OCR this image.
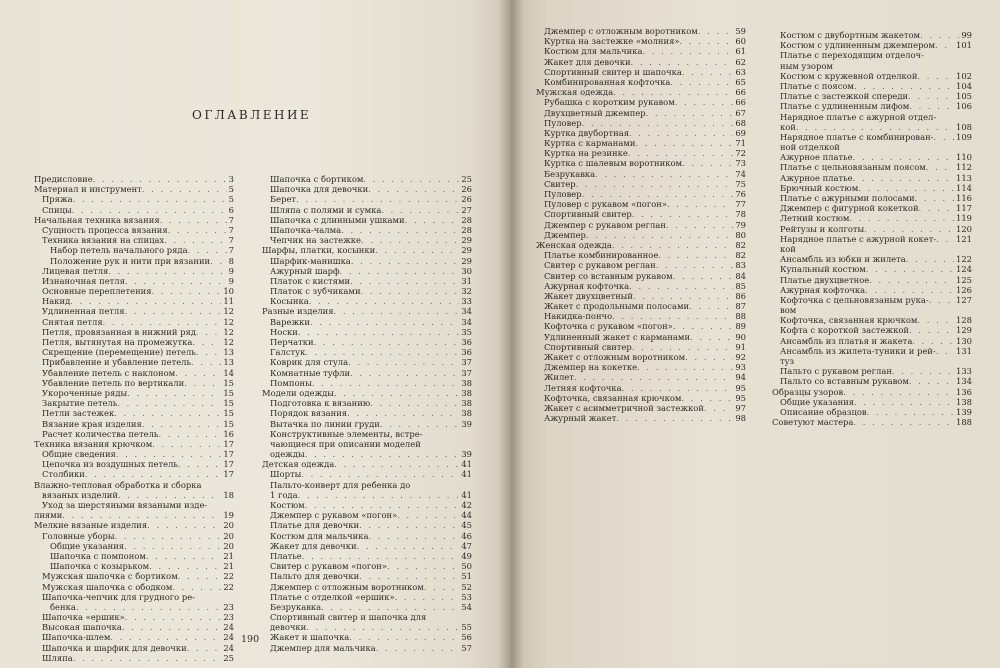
ОГЛАВЛЕНИЕ
Предисловие . . .	3
Материал и инструмент . . .	5
Пряжа . . .	5
Спицы . . .	6
Начальная техника вязания . . .	7
Сущность процесса вязания . . .	7
Техника вязания на спицах . . .	7
Набор петель начального ряда . . .	7
Положение рук и нити при вязании . . . 8
Лицевая петля . . .	9
Изнаночная петля . . .	9
Основные переплетения . . .	10
Накид . . .	11
Удлиненная петля . . .	12
Снятая петля . . .	12
Петля, провязанная в нижний ряд . . .	12
Петля, вытянутая на промежутка . . .	12
Скрещение (перемещение) петель . . .	13
Прибавление и убавление петель . . .	13
Убавление петель с наклоном . . .	14
Убавление петель по вертикали . . .	15
Укороченные ряды . . .	15
Закрытие петель . . .	15
Петли застежек . . .	15
Вязание края изделия . . .	15
Расчет количества петель . . .	16
Техника вязания крючком . . .	17
Общие сведения . . .	17
Цепочка из воздушных петель . . .	17
Столбики . . .	17
Влажно-тепловая обработка и сборка
вязаных изделий . . .	18
Уход за шерстяными вязаными изде-
лиями . . .	19
Мелкие вязаные изделия . . .	20
Головные уборы . . .	20
Общие указания . . .	20
Шапочка с помпоном . . .	21
Шапочка с козырьком . . .	21
Мужская шапочка с бортиком . . .	22
Мужская шапочка с ободком . . .	22
Шапочка-чепчик для грудного ре-
бенка . . .	23
Шапочка «ершик» . . .	23
Высокая шапочка . . .	24
Шапочка-шлем . . .	24
Шапочка и шарфик для девочки . . .	24
Шляпа . . .	25
Шапочка с бортиком . . .	25
Шапочка для девочки . . .	26
Берет . . .	26
Шляпа с полями и сумка . . .	27
Шапочка с длинными ушками . . .	28
Шапочка-чалма . . .	28
Чепчик на застежке . . .	29
Шарфы, платки, косынки . . .	29
Шарфик-манишка . . .	29
Ажурный шарф . . .	30
Платок с кистями . . .	31
Платок с зубчиками . . .	32
Косынка . . .	33
Разные изделия . . .	34
Варежки . . .	34
Носки . . .	35
Перчатки . . .	36
Галстук . . .	36
Коврик для стула . . .	37
Комнатные туфли . . .	37
Помпоны . . .	38
Модели одежды . . .	38
Подготовка к вязанию . . .	38
Порядок вязания . . .	38
Вытачка по линии груди . . .	39
Конструктивные элементы, встре-
чающиеся при описании моделей
одежды . . .	39
Детская одежда . . .	41
Шорты . . .	41
Пальто-конверт для ребенка до
1 года . . .	41
Костюм . . .	42
Джемпер с рукавом «погон» . . .	44
Платье для девочки . . .	45
Костюм для мальчика . . .	46
Жакет для девочки . . .	47
Платье . . .	49
Свитер с рукавом «погон» . . .	50
Пальто для девочки . . .	51
Джемпер с отложным воротником . . .	52
Платье с отделкой «ершик» . . .	53
Безрукавка . . .	54
Спортивный свитер и шапочка для
девочки . . .	55
Жакет и шапочка . . .	56
Джемпер для мальчика . . .	57
190
Джемпер с отложным воротником . . .	59
Куртка на застежке «молния» . . .	60
Костюм для мальчика . . .	61
Жакет для девочки . . .	62
Спортивный свитер и шапочка . . .	63
Комбинированная кофточка . . .	65
Мужская одежда . . .	66
Рубашка с коротким рукавом . . .	66
Двухцветный джемпер . . .	67
Пуловер . . .	68
Куртка двубортная . . .	69
Куртка с карманами . . .	71
Куртка на резинке . . .	72
Куртка с шалевым воротником . . .	73
Безрукавка . . .	74
Свитер . . .	75
Пуловер . . .	76
Пуловер с рукавом «погон» . . .	77
Спортивный свитер . . .	78
Джемпер с рукавом реглан . . .	79
Джемпер . . .	80
Женская одежда . . .	82
Платье комбинированное . . .	82
Свитер с рукавом реглан . . .	83
Свитер со вставным рукавом . . .	84
Ажурная кофточка . . .	85
Жакет двухцветный . . .	86
Жакет с продольными полосами . . .	87
Накидка-пончо . . .	88
Кофточка с рукавом «погон» . . .	89
Удлиненный жакет с карманами . . .	90
Спортивный свитер . . .	91
Жакет с отложным воротником . . .	92
Джемпер на кокетке . . .	93
Жилет . . .	94
Летняя кофточка . . .	95
Кофточка, связанная крючком . . .	95
Жакет с асимметричной застежкой . . .	97
Ажурный жакет . . .	98
Костюм с двубортным жакетом . . .	99
Костюм с удлиненным джемпером . . .	101
Платье с переходящим отделоч-
ным узором
Костюм с кружевной отделкой . . .	102
Платье с поясом . . .	104
Платье с застежкой спереди . . .	105
Платье с удлиненным лифом . . .	106
Нарядное платье с ажурной отдел-
кой . . .	108
Нарядное платье с комбинирован- . . .	109
ной отделкой
Ажурное платье . . .	110
Платье с цельновязаным поясом . . .	112
Ажурное платье . . .	113
Брючный костюм . . .	114
Платье с ажурными полосами . . .	116
Джемпер с фигурной кокеткой . . .	117
Летний костюм . . .	119
Рейтузы и колготы . . .	120
Нарядное платье с ажурной кокет- . . . 121
кой
Ансамбль из юбки и жилета . . .	122
Купальный костюм . . .	124
Платье двухцветное . . .	125
Ажурная кофточка . . .	126
Кофточка с цельновязаным рука- . . .	127
вом
Кофточка, связанная крючком . . .	128
Кофта с короткой застежкой . . .	129
Ансамбль из платья и жакета . . .	130
Ансамбль из жилета-туники и рей- . . . 131
туз
Пальто с рукавом реглан . . .	133
Пальто со вставным рукавом . . .	134
Образцы узоров . . .	136
Общие указания . . .	138
Описание образцов . . .	139
Советуют мастера . . .	188
